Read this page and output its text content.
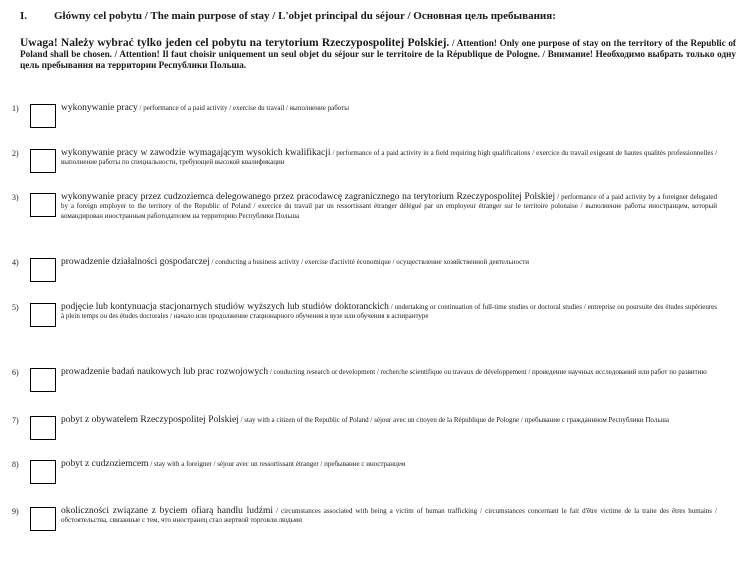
I. Główny cel pobytu / The main purpose of stay / L'objet principal du séjour / Основная цель пребывания:
Uwaga! Należy wybrać tylko jeden cel pobytu na terytorium Rzeczypospolitej Polskiej. / Attention! Only one purpose of stay on the territory of the Republic of Poland shall be chosen. / Attention! Il faut choisir uniquement un seul objet du séjour sur le territoire de la République de Pologne. / Внимание! Необходимо выбрать только одну цель пребывания на территории Республики Польша.
1)	wykonywanie pracy / performance of a paid activity / exercise du travail / выполнение работы
2)	wykonywanie pracy w zawodzie wymagającym wysokich kwalifikacji / performance of a paid activity in a field requiring high qualifications / exercice du travail exigeant de hautes qualités professionnelles / выполнение работы по специальности, требующей высокой квалификации
3)	wykonywanie pracy przez cudzoziemca delegowanego przez pracodawcę zagranicznego na terytorium Rzeczypospolitej Polskiej / performance of a paid activity by a foreigner delegated by a foreign employer to the territory of the Republic of Poland / exercice du travail par un ressortissant étranger délégué par un employeur étranger sur le territoire polonaise / выполнение работы иностранцем, который командирован иностранным работодателем на территорию Республики Польша
4)	prowadzenie działalności gospodarczej / conducting a business activity / exercise d'activité économique / осуществление хозяйственной деятельности
5)	podjęcie lub kontynuacja stacjonarnych studiów wyższych lub studiów doktoranckich / undertaking or continuation of full-time studies or doctoral studies / entreprise ou poursuite des études supérieures à plein temps ou des études doctorales / начало или продолжение стационарного обучения в вузе или обучения в аспирантуре
6)	prowadzenie badań naukowych lub prac rozwojowych / conducting research or development / recherche scientifique ou travaux de développement / проведение научных исследований или работ по развитию
7)	pobyt z obywatelem Rzeczypospolitej Polskiej / stay with a citizen of the Republic of Poland / séjour avec un citoyen de la République de Pologne / пребывание с гражданином Республики Польша
8)	pobyt z cudzoziemcem / stay with a foreigner / séjour avec un ressortissant étranger / пребывание с иностранцем
9)	okoliczności związane z byciem ofiarą handlu ludźmi / circumstances associated with being a victim of human trafficking / circumstances concernant le fait d'être victime de la traite des êtres humains / обстоятельства, связанные с тем, что иностранец стал жертвой торговли людьми
